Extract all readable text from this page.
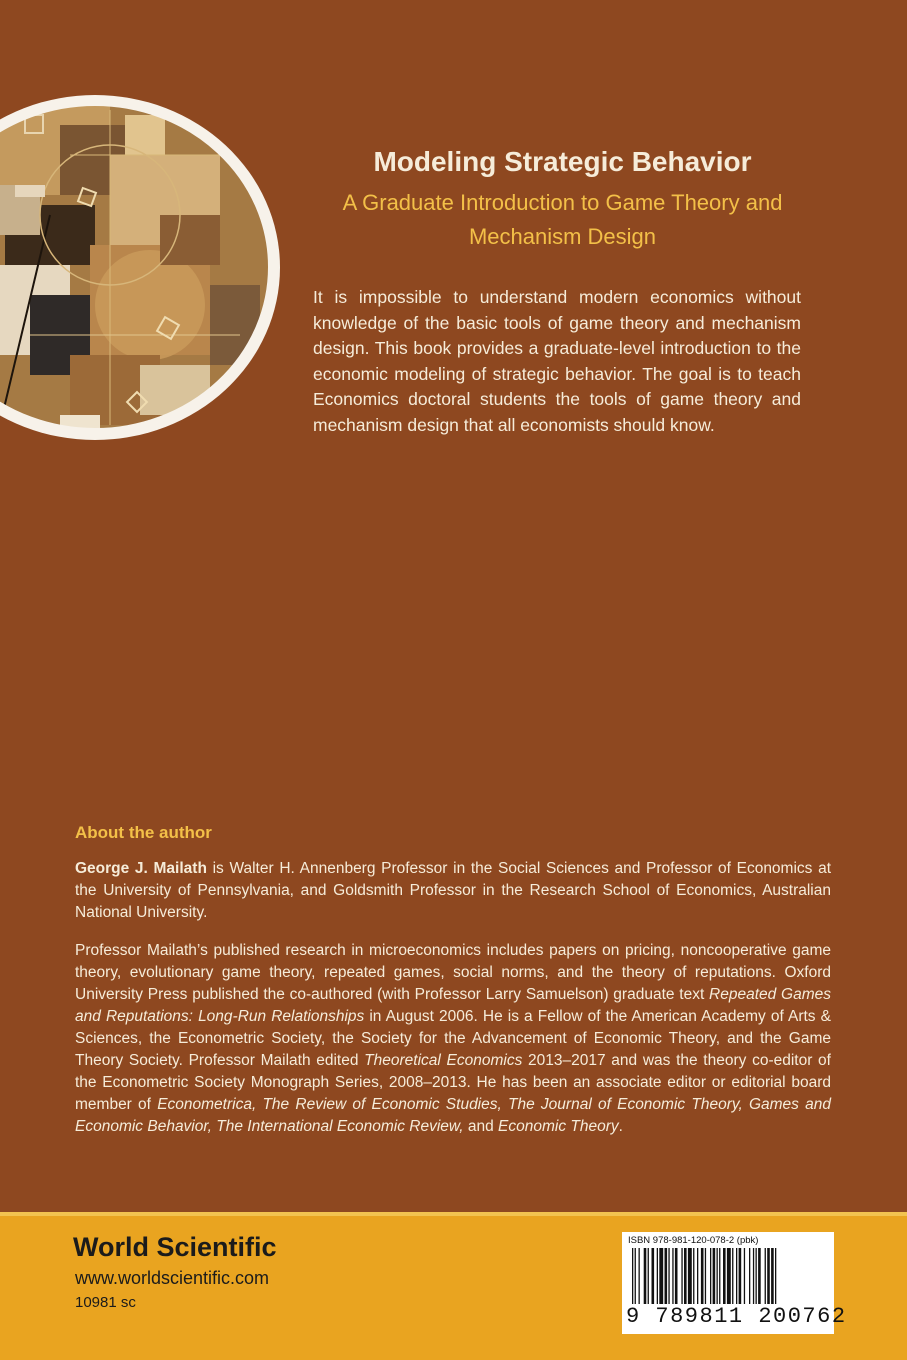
Modeling Strategic Behavior

A Graduate Introduction to Game Theory and Mechanism Design

It is impossible to understand modern economics without knowledge of the basic tools of game theory and mechanism design. This book provides a graduate-level introduction to the economic modeling of strategic behavior. The goal is to teach Economics doctoral students the tools of game theory and mechanism design that all economists should know.

About the author

George J. Mailath is Walter H. Annenberg Professor in the Social Sciences and Professor of Economics at the University of Pennsylvania, and Goldsmith Professor in the Research School of Economics, Australian National University.

Professor Mailath’s published research in microeconomics includes papers on pricing, noncooperative game theory, evolutionary game theory, repeated games, social norms, and the theory of reputations. Oxford University Press published the co-authored (with Professor Larry Samuelson) graduate text Repeated Games and Reputations: Long-Run Relationships in August 2006. He is a Fellow of the American Academy of Arts & Sciences, the Econometric Society, the Society for the Advancement of Economic Theory, and the Game Theory Society. Professor Mailath edited Theoretical Economics 2013–2017 and was the theory co-editor of the Econometric Society Monograph Series, 2008–2013. He has been an associate editor or editorial board member of Econometrica, The Review of Economic Studies, The Journal of Economic Theory, Games and Economic Behavior, The International Economic Review, and Economic Theory.

World Scientific
www.worldscientific.com
10981 sc
ISBN 978-981-120-078-2 (pbk)
9 789811 200762
